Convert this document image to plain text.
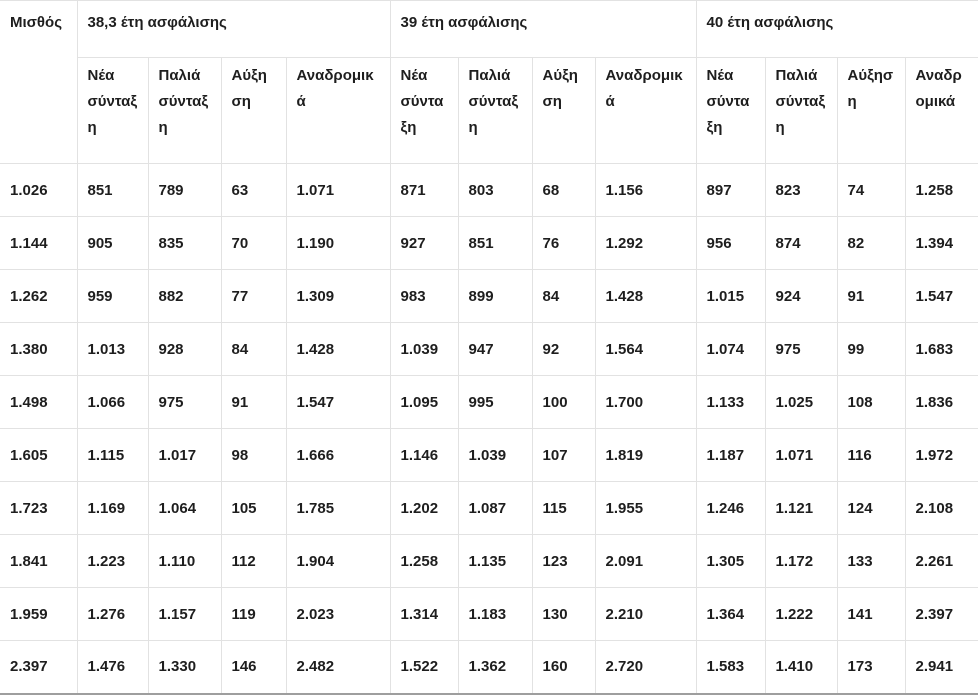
Μισθός	38,3 έτη ασφάλισης				39 έτη ασφάλισης				40 έτη ασφάλισης			
	Νέα σύνταξη	Παλιά σύνταξη	Αύξηση	Αναδρομικά	Νέα σύνταξη	Παλιά σύνταξη	Αύξηση	Αναδρομικά	Νέα σύνταξη	Παλιά σύνταξη	Αύξηση	Αναδρομικά
1.026	851	789	63	1.071	871	803	68	1.156	897	823	74	1.258
1.144	905	835	70	1.190	927	851	76	1.292	956	874	82	1.394
1.262	959	882	77	1.309	983	899	84	1.428	1.015	924	91	1.547
1.380	1.013	928	84	1.428	1.039	947	92	1.564	1.074	975	99	1.683
1.498	1.066	975	91	1.547	1.095	995	100	1.700	1.133	1.025	108	1.836
1.605	1.115	1.017	98	1.666	1.146	1.039	107	1.819	1.187	1.071	116	1.972
1.723	1.169	1.064	105	1.785	1.202	1.087	115	1.955	1.246	1.121	124	2.108
1.841	1.223	1.110	112	1.904	1.258	1.135	123	2.091	1.305	1.172	133	2.261
1.959	1.276	1.157	119	2.023	1.314	1.183	130	2.210	1.364	1.222	141	2.397
2.397	1.476	1.330	146	2.482	1.522	1.362	160	2.720	1.583	1.410	173	2.941
